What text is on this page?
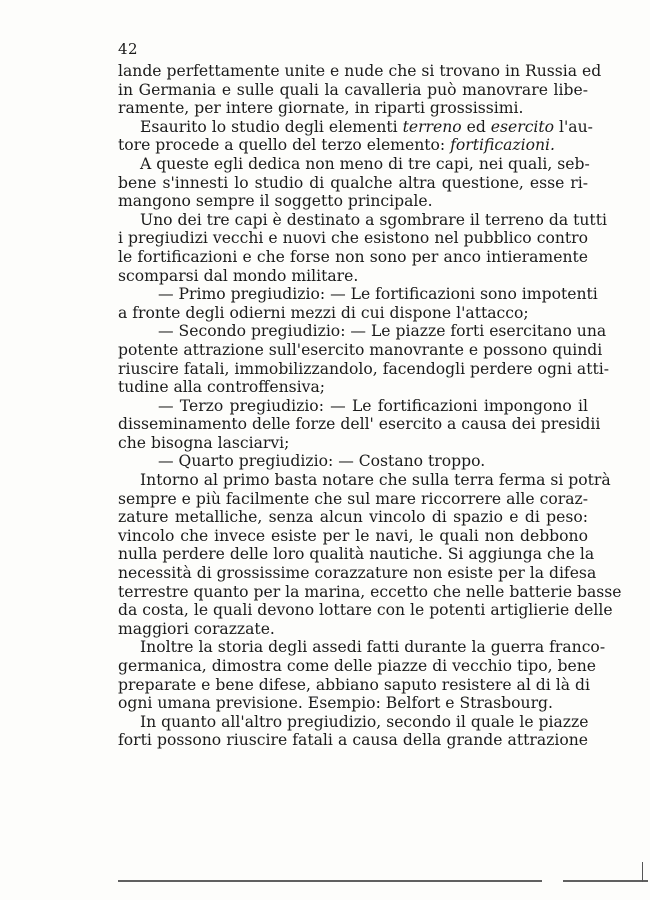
42
lande perfettamente unite e nude che si trovano in Russia ed
in Germania e sulle quali la cavalleria può manovrare libe-
ramente, per intere giornate, in riparti grossissimi.
Esaurito lo studio degli elementi terreno ed esercito l'au-
tore procede a quello del terzo elemento: fortificazioni.
A queste egli dedica non meno di tre capi, nei quali, seb-
bene s'innesti lo studio di qualche altra questione, esse ri-
mangono sempre il soggetto principale.
Uno dei tre capi è destinato a sgombrare il terreno da tutti
i pregiudizi vecchi e nuovi che esistono nel pubblico contro
le fortificazioni e che forse non sono per anco intieramente
scomparsi dal mondo militare.
— Primo pregiudizio: — Le fortificazioni sono impotenti
a fronte degli odierni mezzi di cui dispone l'attacco;
— Secondo pregiudizio: — Le piazze forti esercitano una
potente attrazione sull'esercito manovrante e possono quindi
riuscire fatali, immobilizzandolo, facendogli perdere ogni atti-
tudine alla controffensiva;
— Terzo pregiudizio: — Le fortificazioni impongono il
disseminamento delle forze dell' esercito a causa dei presidii
che bisogna lasciarvi;
— Quarto pregiudizio: — Costano troppo.
Intorno al primo basta notare che sulla terra ferma si potrà
sempre e più facilmente che sul mare riccorrere alle coraz-
zature metalliche, senza alcun vincolo di spazio e di peso:
vincolo che invece esiste per le navi, le quali non debbono
nulla perdere delle loro qualità nautiche. Si aggiunga che la
necessità di grossissime corazzature non esiste per la difesa
terrestre quanto per la marina, eccetto che nelle batterie basse
da costa, le quali devono lottare con le potenti artiglierie delle
maggiori corazzate.
Inoltre la storia degli assedi fatti durante la guerra franco-
germanica, dimostra come delle piazze di vecchio tipo, bene
preparate e bene difese, abbiano saputo resistere al di là di
ogni umana previsione. Esempio: Belfort e Strasbourg.
In quanto all'altro pregiudizio, secondo il quale le piazze
forti possono riuscire fatali a causa della grande attrazione
